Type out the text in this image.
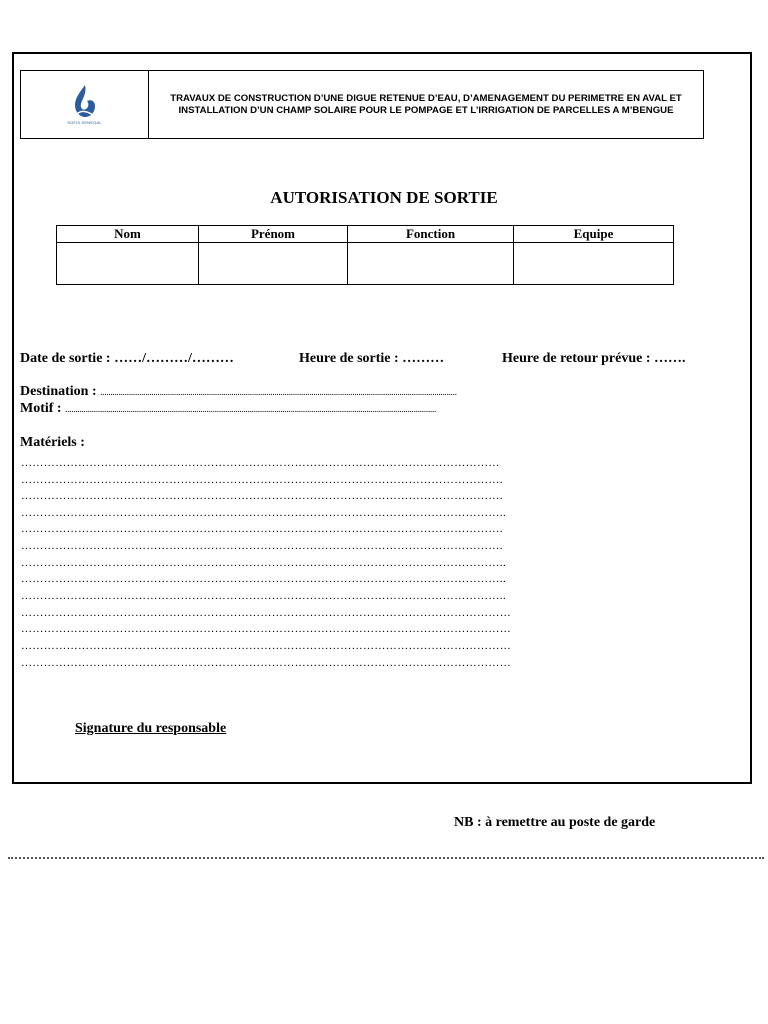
SOFIS SENEGAL
TRAVAUX DE CONSTRUCTION D’UNE DIGUE RETENUE D’EAU, D’AMENAGEMENT DU PERIMETRE EN AVAL ET INSTALLATION D’UN CHAMP SOLAIRE POUR LE POMPAGE ET L’IRRIGATION DE PARCELLES A M’BENGUE
AUTORISATION DE SORTIE
Nom	Prénom	Fonction	Equipe

Date de sortie : ……/………/………	Heure de sortie : ………	Heure de retour prévue : …….
Destination : ..............................................................................................................................................................................
Motif : .....................................................................................................................................................................................
Matériels :
………………………………………………………………………………………………………………
……………………………………………………………………………………………………………….
……………………………………………………………………………………………………………….
………………………………………………………………………………………………………………..
……………………………………………………………………………………………………………….
……………………………………………………………………………………………………………….
………………………………………………………………………………………………………………..
………………………………………………………………………………………………………………..
………………………………………………………………………………………………………………..
…………………………………………………………………………………………………………………
…………………………………………………………………………………………………………………
…………………………………………………………………………………………………………………
…………………………………………………………………………………………………………………
Signature du responsable
NB : à remettre au poste de garde
